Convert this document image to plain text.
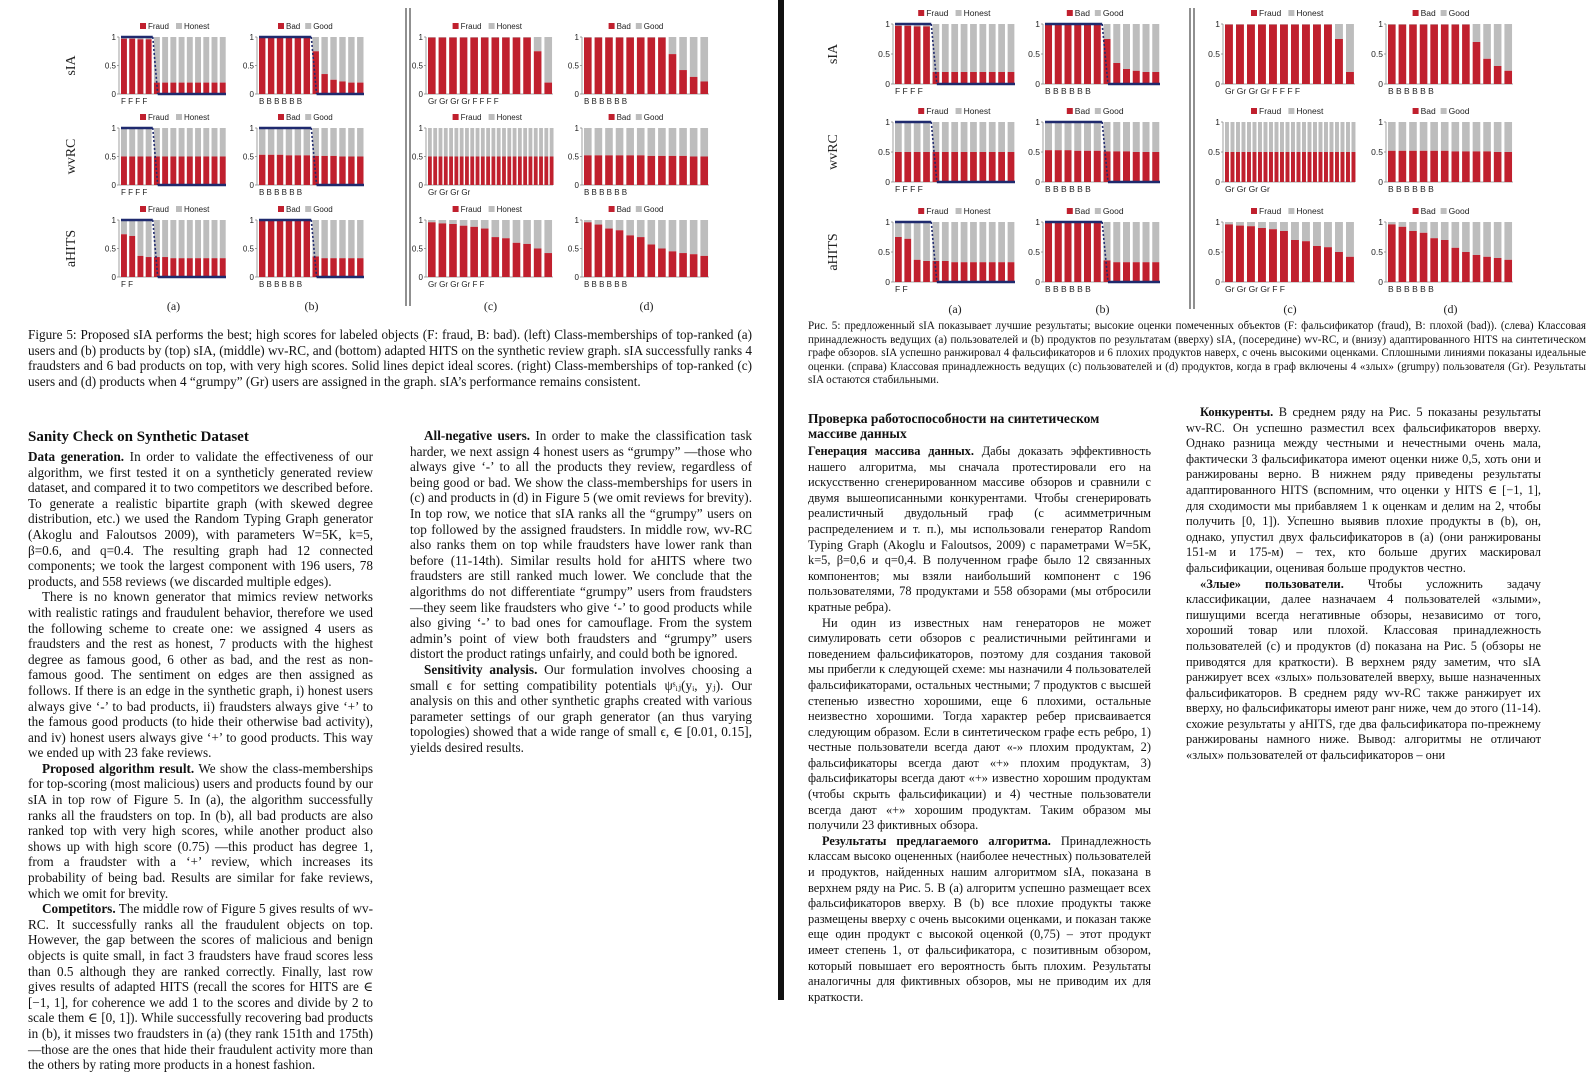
Fraud Honest
0
0.5
1
F F F F
Bad Good
0
0.5
1
B B B B B B
Fraud Honest
0
0.5
1
Gr Gr Gr Gr F F F F
Bad Good
0
0.5
1
B B B B B B
Fraud Honest
0
0.5
1
F F F F
Bad Good
0
0.5
1
B B B B B B
Fraud Honest
0
0.5
1
Gr Gr Gr Gr
Bad Good
0
0.5
1
B B B B B B
Fraud Honest
0
0.5
1
F F
Bad Good
0
0.5
1
B B B B B B
Fraud Honest
0
0.5
1
Gr Gr Gr Gr F F
Bad Good
0
0.5
1
B B B B B B
sIA
wvRC
aHITS
(a)	(b)	(c)	(d)
Figure 5: Proposed sIA performs the best; high scores for labeled objects (F: fraud, B: bad). (left) Class-memberships of top-ranked (a) users and (b) products by (top) sIA, (middle) wv-RC, and (bottom) adapted HITS on the synthetic review graph. sIA successfully ranks 4 fraudsters and 6 bad products on top, with very high scores. Solid lines depict ideal scores. (right) Class-memberships of top-ranked (c) users and (d) products when 4 “grumpy” (Gr) users are assigned in the graph. sIA’s performance remains consistent.
Sanity Check on Synthetic Dataset

Data generation. In order to validate the effectiveness of our algorithm, we first tested it on a syntheticly generated review dataset, and compared it to two competitors we described before. To generate a realistic bipartite graph (with skewed degree distribution, etc.) we used the Random Typing Graph generator (Akoglu and Faloutsos 2009), with parameters W=5K, k=5, β=0.6, and q=0.4. The resulting graph had 12 connected components; we took the largest component with 196 users, 78 products, and 558 reviews (we discarded multiple edges).

There is no known generator that mimics review networks with realistic ratings and fraudulent behavior, therefore we used the following scheme to create one: we assigned 4 users as fraudsters and the rest as honest, 7 products with the highest degree as famous good, 6 other as bad, and the rest as non-famous good. The sentiment on edges are then assigned as follows. If there is an edge in the synthetic graph, i) honest users always give ‘-’ to bad products, ii) fraudsters always give ‘+’ to the famous good products (to hide their otherwise bad activity), and iv) honest users always give ‘+’ to good products. This way we ended up with 23 fake reviews.

Proposed algorithm result. We show the class-memberships for top-scoring (most malicious) users and products found by our sIA in top row of Figure 5. In (a), the algorithm successfully ranks all the fraudsters on top. In (b), all bad products are also ranked top with very high scores, while another product also shows up with high score (0.75) —this product has degree 1, from a fraudster with a ‘+’ review, which increases its probability of being bad. Results are similar for fake reviews, which we omit for brevity.

Competitors. The middle row of Figure 5 gives results of wv-RC. It successfully ranks all the fraudulent objects on top. However, the gap between the scores of malicious and benign objects is quite small, in fact 3 fraudsters have fraud scores less than 0.5 although they are ranked correctly. Finally, last row gives results of adapted HITS (recall the scores for HITS are ∈ [−1, 1], for coherence we add 1 to the scores and divide by 2 to scale them ∈ [0, 1]). While successfully recovering bad products in (b), it misses two fraudsters in (a) (they rank 151th and 175th)—those are the ones that hide their fraudulent activity more than the others by rating more products in a honest fashion.

All-negative users. In order to make the classification task harder, we next assign 4 honest users as “grumpy” —those who always give ‘-’ to all the products they review, regardless of being good or bad. We show the class-memberships for users in (c) and products in (d) in Figure 5 (we omit reviews for brevity). In top row, we notice that sIA ranks all the “grumpy” users on top followed by the assigned fraudsters. In middle row, wv-RC also ranks them on top while fraudsters have lower rank than before (11-14th). Similar results hold for aHITS where two fraudsters are still ranked much lower. We conclude that the algorithms do not differentiate “grumpy” users from fraudsters —they seem like fraudsters who give ‘-’ to good products while also giving ‘-’ to bad ones for camouflage. From the system admin’s point of view both fraudsters and “grumpy” users distort the product ratings unfairly, and could both be ignored.

Sensitivity analysis. Our formulation involves choosing a small ϵ for setting compatibility potentials ψˢᵢⱼ(yᵢ, yⱼ). Our analysis on this and other synthetic graphs created with various parameter settings of our graph generator (an thus varying topologies) showed that a wide range of small ϵ, ∈ [0.01, 0.15], yields desired results.

Fraud Honest
0
0.5
1
F F F F
Bad Good
0
0.5
1
B B B B B B
Fraud Honest
0
0.5
1
Gr Gr Gr Gr F F F F
Bad Good
0
0.5
1
B B B B B B
Fraud Honest
0
0.5
1
F F F F
Bad Good
0
0.5
1
B B B B B B
Fraud Honest
0
0.5
1
Gr Gr Gr Gr
Bad Good
0
0.5
1
B B B B B B
Fraud Honest
0
0.5
1
F F
Bad Good
0
0.5
1
B B B B B B
Fraud Honest
0
0.5
1
Gr Gr Gr Gr F F
Bad Good
0
0.5
1
B B B B B B
sIA
wvRC
aHITS
(a)	(b)	(c)	(d)
Рис. 5: предложенный sIA показывает лучшие результаты; высокие оценки помеченных объектов (F: фальсификатор (fraud), B: плохой (bad)). (слева) Классовая принадлежность ведущих (a) пользователей и (b) продуктов по результатам (вверху) sIA, (посередине) wv-RC, и (внизу) адаптированного HITS на синтетическом графе обзоров. sIA успешно ранжировал 4 фальсификаторов и 6 плохих продуктов наверх, с очень высокими оценками. Сплошными линиями показаны идеальные оценки. (справа) Классовая принадлежность ведущих (c) пользователей и (d) продуктов, когда в граф включены 4 «злых» (grumpy) пользователя (Gr). Результаты sIA остаются стабильными.
Проверка работоспособности на синтетическом массиве данных

Генерация массива данных. Дабы доказать эффективность нашего алгоритма, мы сначала протестировали его на искусственно сгенерированном массиве обзоров и сравнили с двумя вышеописанными конкурентами. Чтобы сгенерировать реалистичный двудольный граф (с асимметричным распределением и т. п.), мы использовали генератор Random Typing Graph (Akoglu и Faloutsos, 2009) с параметрами W=5K, k=5, β=0,6 и q=0,4. В полученном графе было 12 связанных компонентов; мы взяли наибольший компонент с 196 пользователями, 78 продуктами и 558 обзорами (мы отбросили кратные ребра).

Ни один из известных нам генераторов не может симулировать сети обзоров с реалистичными рейтингами и поведением фальсификаторов, поэтому для создания таковой мы прибегли к следующей схеме: мы назначили 4 пользователей фальсификаторами, остальных честными; 7 продуктов с высшей степенью известно хорошими, еще 6 плохими, остальные неизвестно хорошими. Тогда характер ребер присваивается следующим образом. Если в синтетическом графе есть ребро, 1) честные пользователи всегда дают «-» плохим продуктам, 2) фальсификаторы всегда дают «+» плохим продуктам, 3) фальсификаторы всегда дают «+» известно хорошим продуктам (чтобы скрыть фальсификации) и 4) честные пользователи всегда дают «+» хорошим продуктам. Таким образом мы получили 23 фиктивных обзора.

Результаты предлагаемого алгоритма. Принадлежность классам высоко оцененных (наиболее нечестных) пользователей и продуктов, найденных нашим алгоритмом sIA, показана в верхнем ряду на Рис. 5. В (a) алгоритм успешно размещает всех фальсификаторов вверху. В (b) все плохие продукты также размещены вверху с очень высокими оценками, и показан также еще один продукт с высокой оценкой (0,75) – этот продукт имеет степень 1, от фальсификатора, с позитивным обзором, который повышает его вероятность быть плохим. Результаты аналогичны для фиктивных обзоров, мы не приводим их для краткости.

Конкуренты. В среднем ряду на Рис. 5 показаны результаты wv-RC. Он успешно разместил всех фальсификаторов вверху. Однако разница между честными и нечестными очень мала, фактически 3 фальсификатора имеют оценки ниже 0,5, хоть они и ранжированы верно. В нижнем ряду приведены результаты адаптированного HITS (вспомним, что оценки у HITS ∈ [−1, 1], для сходимости мы прибавляем 1 к оценкам и делим на 2, чтобы получить [0, 1]). Успешно выявив плохие продукты в (b), он, однако, упустил двух фальсификаторов в (a) (они ранжированы 151-м и 175-м) – тех, кто больше других маскировал фальсификации, оценивая больше продуктов честно.

«Злые» пользователи. Чтобы усложнить задачу классификации, далее назначаем 4 пользователей «злыми», пишущими всегда негативные обзоры, независимо от того, хороший товар или плохой. Классовая принадлежность пользователей (c) и продуктов (d) показана на Рис. 5 (обзоры не приводятся для краткости). В верхнем ряду заметим, что sIA ранжирует всех «злых» пользователей вверху, выше назначенных фальсификаторов. В среднем ряду wv-RC также ранжирует их вверху, но фальсификаторы имеют ранг ниже, чем до этого (11-14). схожие результаты у aHITS, где два фальсификатора по-прежнему ранжированы намного ниже. Вывод: алгоритмы не отличают «злых» пользователей от фальсификаторов – они
